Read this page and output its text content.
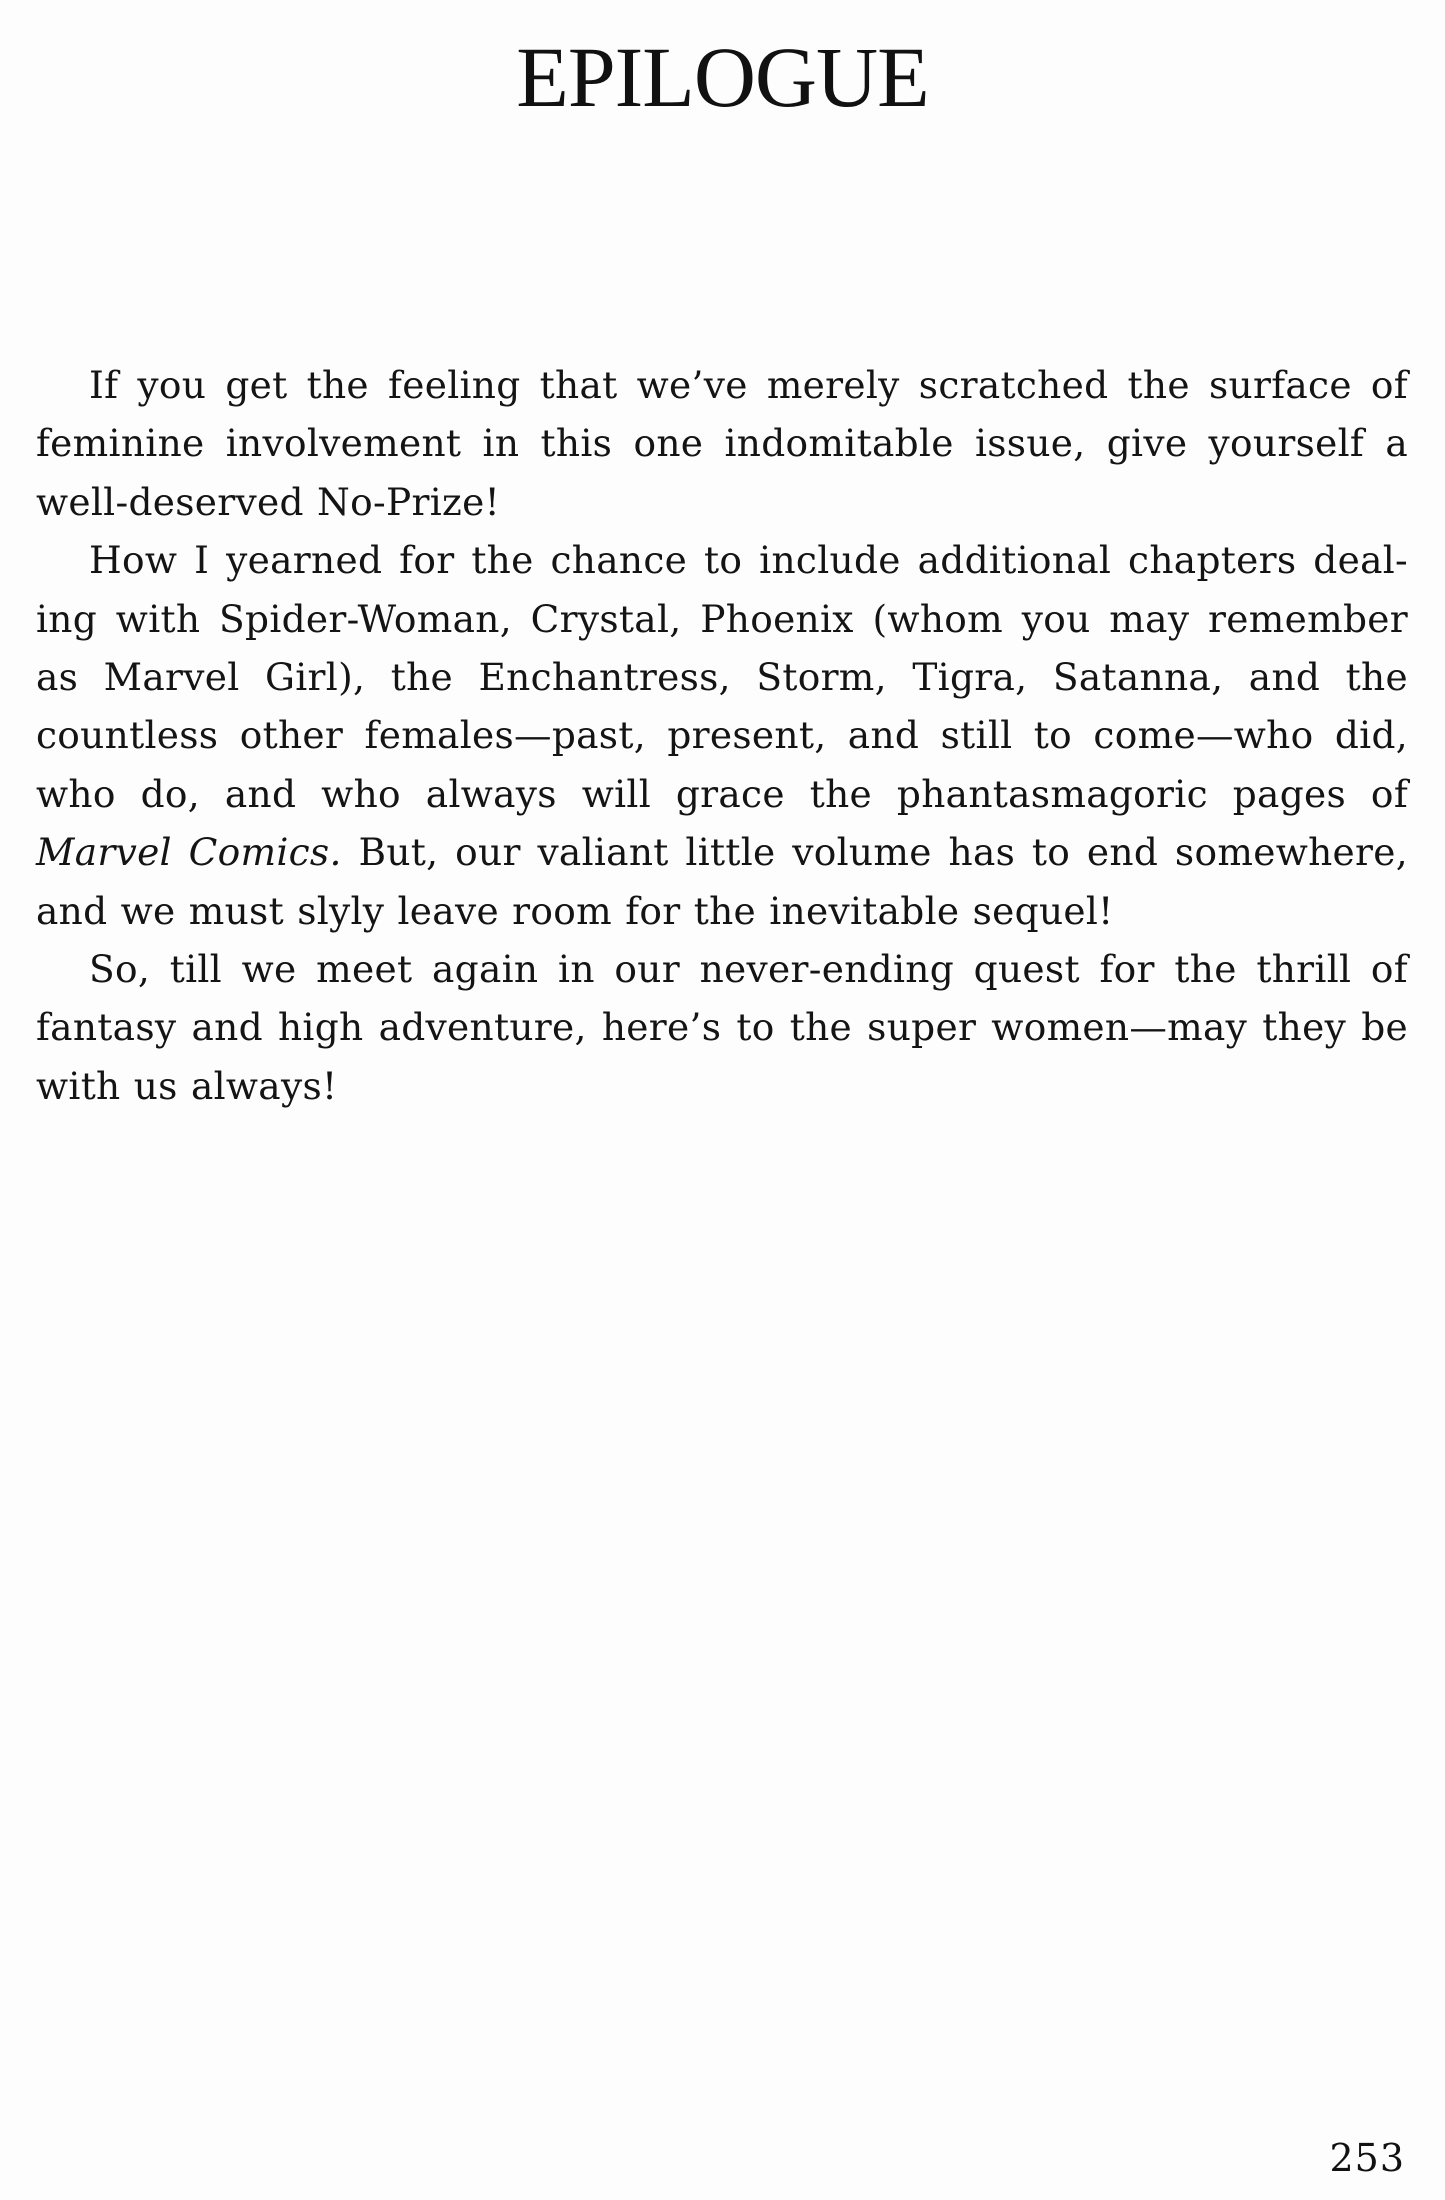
EPILOGUE

If you get the feeling that we’ve merely scratched the surface of
feminine involvement in this one indomitable issue, give yourself a
well-deserved No-Prize!

How I yearned for the chance to include additional chapters deal-
ing with Spider-Woman, Crystal, Phoenix (whom you may remember
as Marvel Girl), the Enchantress, Storm, Tigra, Satanna, and the
countless other females—past, present, and still to come—who did,
who do, and who always will grace the phantasmagoric pages of
Marvel Comics. But, our valiant little volume has to end somewhere,
and we must slyly leave room for the inevitable sequel!

So, till we meet again in our never-ending quest for the thrill of
fantasy and high adventure, here’s to the super women—may they be
with us always!

253
